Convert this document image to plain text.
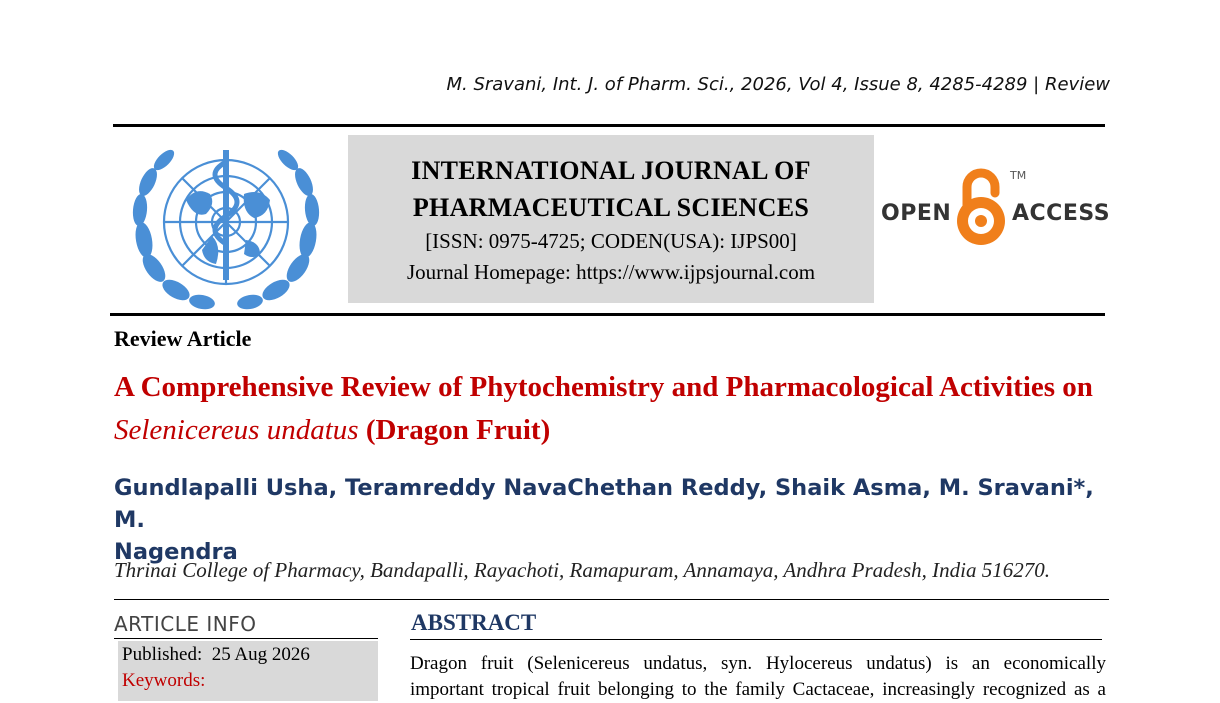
M. Sravani, Int. J. of Pharm. Sci., 2026, Vol 4, Issue 8, 4285-4289 | Review
INTERNATIONAL JOURNAL OF
PHARMACEUTICAL SCIENCES
[ISSN: 0975-4725; CODEN(USA): IJPS00]
Journal Homepage: https://www.ijpsjournal.com
OPEN
TM
ACCESS
Review Article
A Comprehensive Review of Phytochemistry and Pharmacological Activities on Selenicereus undatus (Dragon Fruit)
Gundlapalli Usha, Teramreddy NavaChethan Reddy, Shaik Asma, M. Sravani*, M.
Nagendra
Thrinai College of Pharmacy, Bandapalli, Rayachoti, Ramapuram, Annamaya, Andhra Pradesh, India 516270.
ARTICLE INFO
Published: 25 Aug 2026
Keywords:
ABSTRACT
Dragon fruit (Selenicereus undatus, syn. Hylocereus undatus) is an economically
important tropical fruit belonging to the family Cactaceae, increasingly recognized as a
